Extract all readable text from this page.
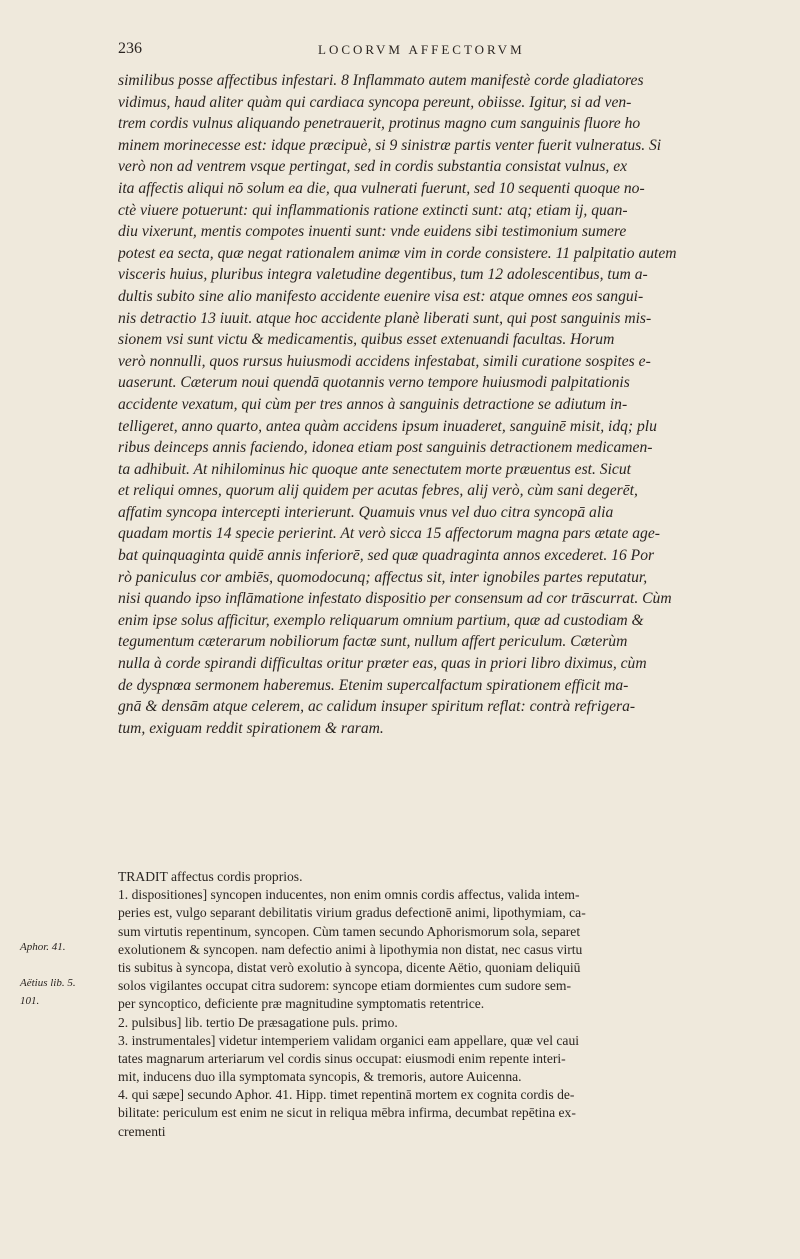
236	LOCORVM AFFECTORVM
similibus posse affectibus infestari. 8 Inflammato autem manifestè corde gladiatores
vidimus, haud aliter quàm qui cardiaca syncopa pereunt, obiisse. Igitur, si ad ven-
trem cordis vulnus aliquando penetrauerit, protinus magno cum sanguinis fluore ho
minem morinecesse est: idque præcipuè, si 9 sinistræ partis venter fuerit vulneratus. Si
verò non ad ventrem vsque pertingat, sed in cordis substantia consistat vulnus, ex
ita affectis aliqui nō solum ea die, qua vulnerati fuerunt, sed 10 sequenti quoque no-
ctè viuere potuerunt: qui inflammationis ratione extincti sunt: atq; etiam ij, quan-
diu vixerunt, mentis compotes inuenti sunt: vnde euidens sibi testimonium sumere
potest ea secta, quæ negat rationalem animæ vim in corde consistere. 11 palpitatio autem
visceris huius, pluribus integra valetudine degentibus, tum 12 adolescentibus, tum a-
dultis subito sine alio manifesto accidente euenire visa est: atque omnes eos sangui-
nis detractio 13 iuuit. atque hoc accidente planè liberati sunt, qui post sanguinis mis-
sionem vsi sunt victu & medicamentis, quibus esset extenuandi facultas. Horum
verò nonnulli, quos rursus huiusmodi accidens infestabat, simili curatione sospites e-
uaserunt. Cæterum noui quendā quotannis verno tempore huiusmodi palpitationis
accidente vexatum, qui cùm per tres annos à sanguinis detractione se adiutum in-
telligeret, anno quarto, antea quàm accidens ipsum inuaderet, sanguinē misit, idq; plu
ribus deinceps annis faciendo, idonea etiam post sanguinis detractionem medicamen-
ta adhibuit. At nihilominus hic quoque ante senectutem morte præuentus est. Sicut
et reliqui omnes, quorum alij quidem per acutas febres, alij verò, cùm sani degerēt,
affatim syncopa intercepti interierunt. Quamuis vnus vel duo citra syncopā alia
quadam mortis 14 specie perierint. At verò sicca 15 affectorum magna pars ætate age-
bat quinquaginta quidē annis inferiorē, sed quæ quadraginta annos excederet. 16 Por
rò paniculus cor ambiēs, quomodocunq; affectus sit, inter ignobiles partes reputatur,
nisi quando ipso inflāmatione infestato dispositio per consensum ad cor trāscurrat. Cùm
enim ipse solus afficitur, exemplo reliquarum omnium partium, quæ ad custodiam &
tegumentum cæterarum nobiliorum factæ sunt, nullum affert periculum. Cæterùm
nulla à corde spirandi difficultas oritur præter eas, quas in priori libro diximus, cùm
de dyspnœa sermonem haberemus. Etenim supercalfactum spirationem efficit ma-
gnā & densām atque celerem, ac calidum insuper spiritum reflat: contrà refrigera-
tum, exiguam reddit spirationem & raram.
TRADIT affectus cordis proprios.
1. dispositiones] syncopen inducentes, non enim omnis cordis affectus, valida intem-
peries est, vulgo separant debilitatis virium gradus defectionē animi, lipothymiam, ca-
sum virtutis repentinum, syncopen. Cùm tamen secundo Aphorismorum sola, separet
exolutionem & syncopen. nam defectio animi à lipothymia non distat, nec casus virtu
tis subitus à syncopa, distat verò exolutio à syncopa, dicente Aëtio, quoniam deliquiū
solos vigilantes occupat citra sudorem: syncope etiam dormientes cum sudore sem-
per syncoptico, deficiente præ magnitudine symptomatis retentrice.
2. pulsibus] lib. tertio De præsagatione puls. primo.
3. instrumentales] videtur intemperiem validam organici eam appellare, quæ vel caui
tates magnarum arteriarum vel cordis sinus occupat: eiusmodi enim repente interi-
mit, inducens duo illa symptomata syncopis, & tremoris, autore Auicenna.
4. qui sæpe] secundo Aphor. 41. Hipp. timet repentinā mortem ex cognita cordis de-
bilitate: periculum est enim ne sicut in reliqua mēbra infirma, decumbat repētina ex-
crementi
Aphor. 41.
Aëtius lib. 5.
101.
